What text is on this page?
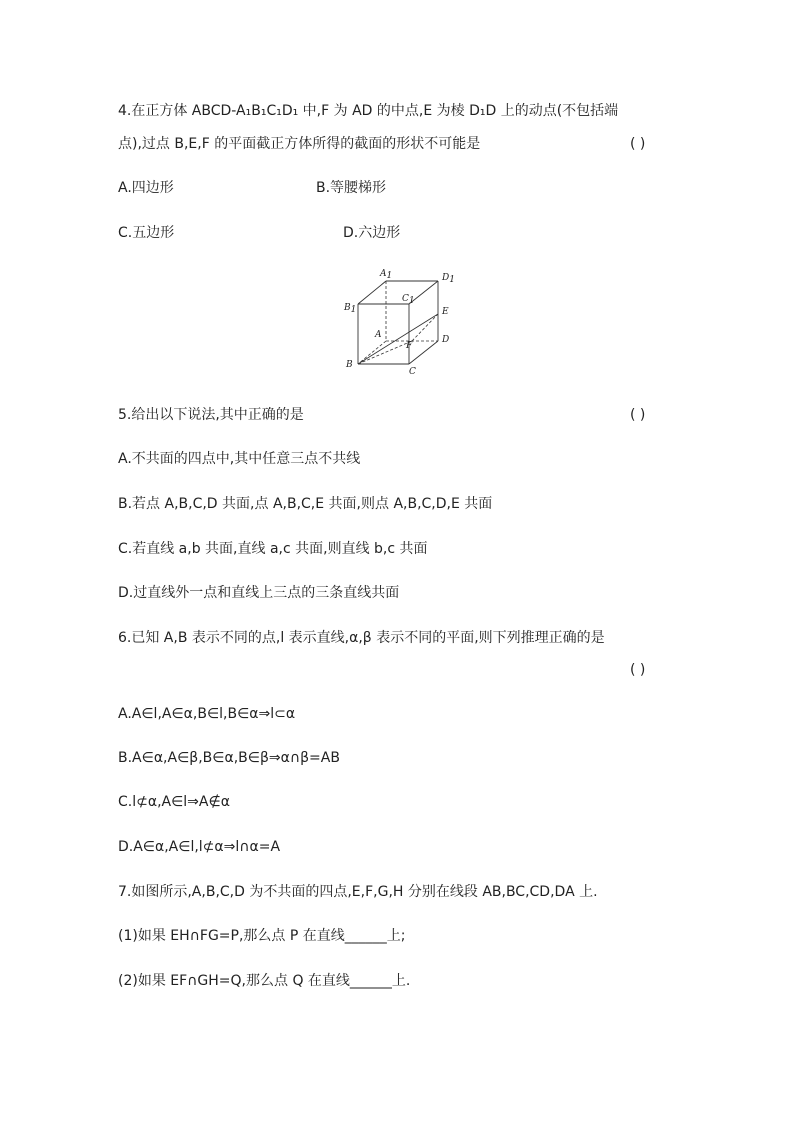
4.在正方体 ABCD-A₁B₁C₁D₁ 中,F 为 AD 的中点,E 为棱 D₁D 上的动点(不包括端
点),过点 B,E,F 的平面截正方体所得的截面的形状不可能是	( )
A.四边形	B.等腰梯形
C.五边形	D.六边形
A1	D1
B1
C1
E
A	D
F
B
C
5.给出以下说法,其中正确的是	( )
A.不共面的四点中,其中任意三点不共线
B.若点 A,B,C,D 共面,点 A,B,C,E 共面,则点 A,B,C,D,E 共面
C.若直线 a,b 共面,直线 a,c 共面,则直线 b,c 共面
D.过直线外一点和直线上三点的三条直线共面
6.已知 A,B 表示不同的点,l 表示直线,α,β 表示不同的平面,则下列推理正确的是
( )
A.A∈l,A∈α,B∈l,B∈α⇒l⊂α
B.A∈α,A∈β,B∈α,B∈β⇒α∩β=AB
C.l⊄α,A∈l⇒A∉α
D.A∈α,A∈l,l⊄α⇒l∩α=A
7.如图所示,A,B,C,D 为不共面的四点,E,F,G,H 分别在线段 AB,BC,CD,DA 上.
(1)如果 EH∩FG=P,那么点 P 在直线______上;
(2)如果 EF∩GH=Q,那么点 Q 在直线______上.
